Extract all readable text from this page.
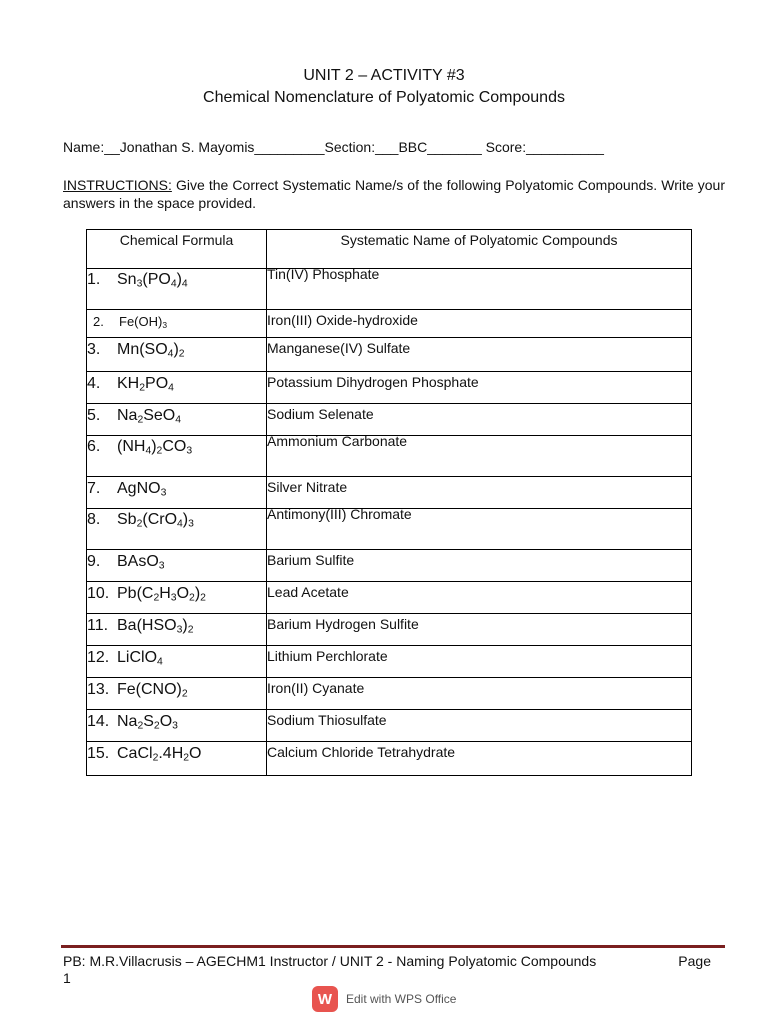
UNIT 2 – ACTIVITY #3
Chemical Nomenclature of Polyatomic Compounds
Name:__Jonathan S. Mayomis_________Section:___BBC_______ Score:__________
INSTRUCTIONS: Give the Correct Systematic Name/s of the following Polyatomic Compounds. Write your answers in the space provided.
Chemical Formula	Systematic Name of Polyatomic Compounds
1. $Sn_3(PO_4)_4$	Tin(IV) Phosphate
2. $Fe(OH)_3$	Iron(III) Oxide-hydroxide
3. $Mn(SO_4)_2$	Manganese(IV) Sulfate
4. $KH_2PO_4$	Potassium Dihydrogen Phosphate
5. $Na_2SeO_4$	Sodium Selenate
6. $(NH_4)_2CO_3$	Ammonium Carbonate
7. AgNO$_3$	Silver Nitrate
8. $Sb_2(CrO_4)_3$	Antimony(III) Chromate
9. BAsO$_3$	Barium Sulfite
10. $Pb(C_2H_3O_2)_2$	Lead Acetate
11. $Ba(HSO_3)_2$	Barium Hydrogen Sulfite
12. LiClO$_4$	Lithium Perchlorate
13. $Fe(CNO)_2$	Iron(II) Cyanate
14. $Na_2S_2O_3$	Sodium Thiosulfate
15. $CaCl_2.4H_2O$	Calcium Chloride Tetrahydrate
PB: M.R.Villacrusis – AGECHM1 Instructor / UNIT 2 - Naming Polyatomic Compounds
1
Page
W	Edit with WPS Office
